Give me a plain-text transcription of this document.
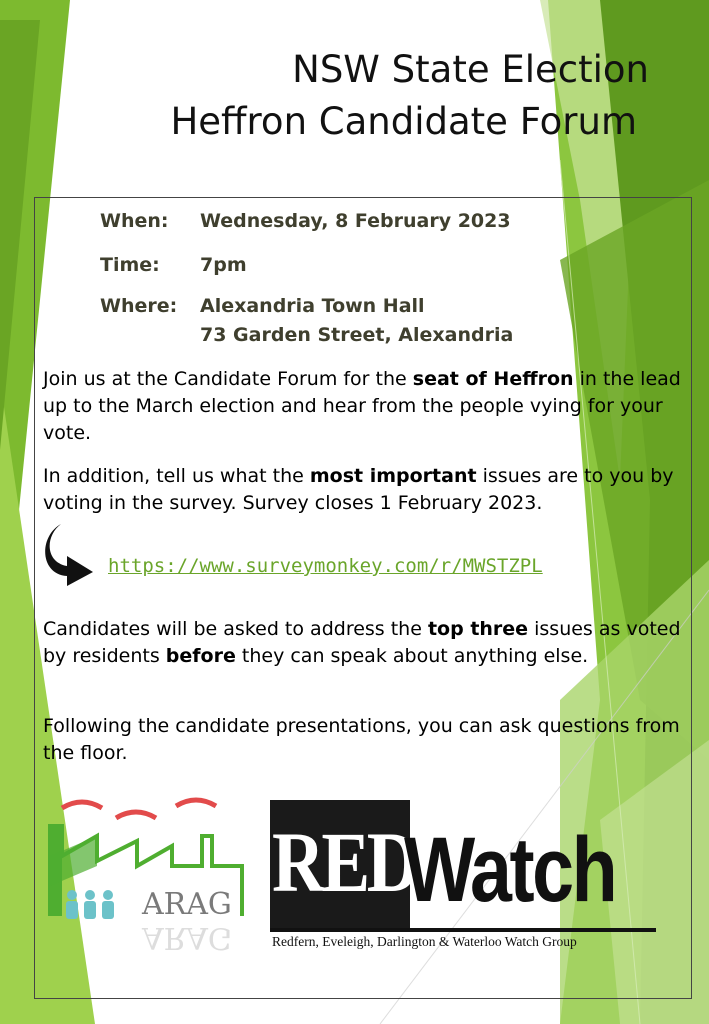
NSW State Election
Heffron Candidate Forum
When: Wednesday, 8 February 2023
Time: 7pm
Where: Alexandria Town Hall
73 Garden Street, Alexandria

Join us at the Candidate Forum for the seat of Heffron in the lead up to the March election and hear from the people vying for your vote.

In addition, tell us what the most important issues are to you by voting in the survey. Survey closes 1 February 2023.

https://www.surveymonkey.com/r/MWSTZPL

Candidates will be asked to address the top three issues as voted by residents before they can speak about anything else.

Following the candidate presentations, you can ask questions from the floor.

ARAG
ARAG
RED
Watch
Redfern, Eveleigh, Darlington & Waterloo Watch Group
